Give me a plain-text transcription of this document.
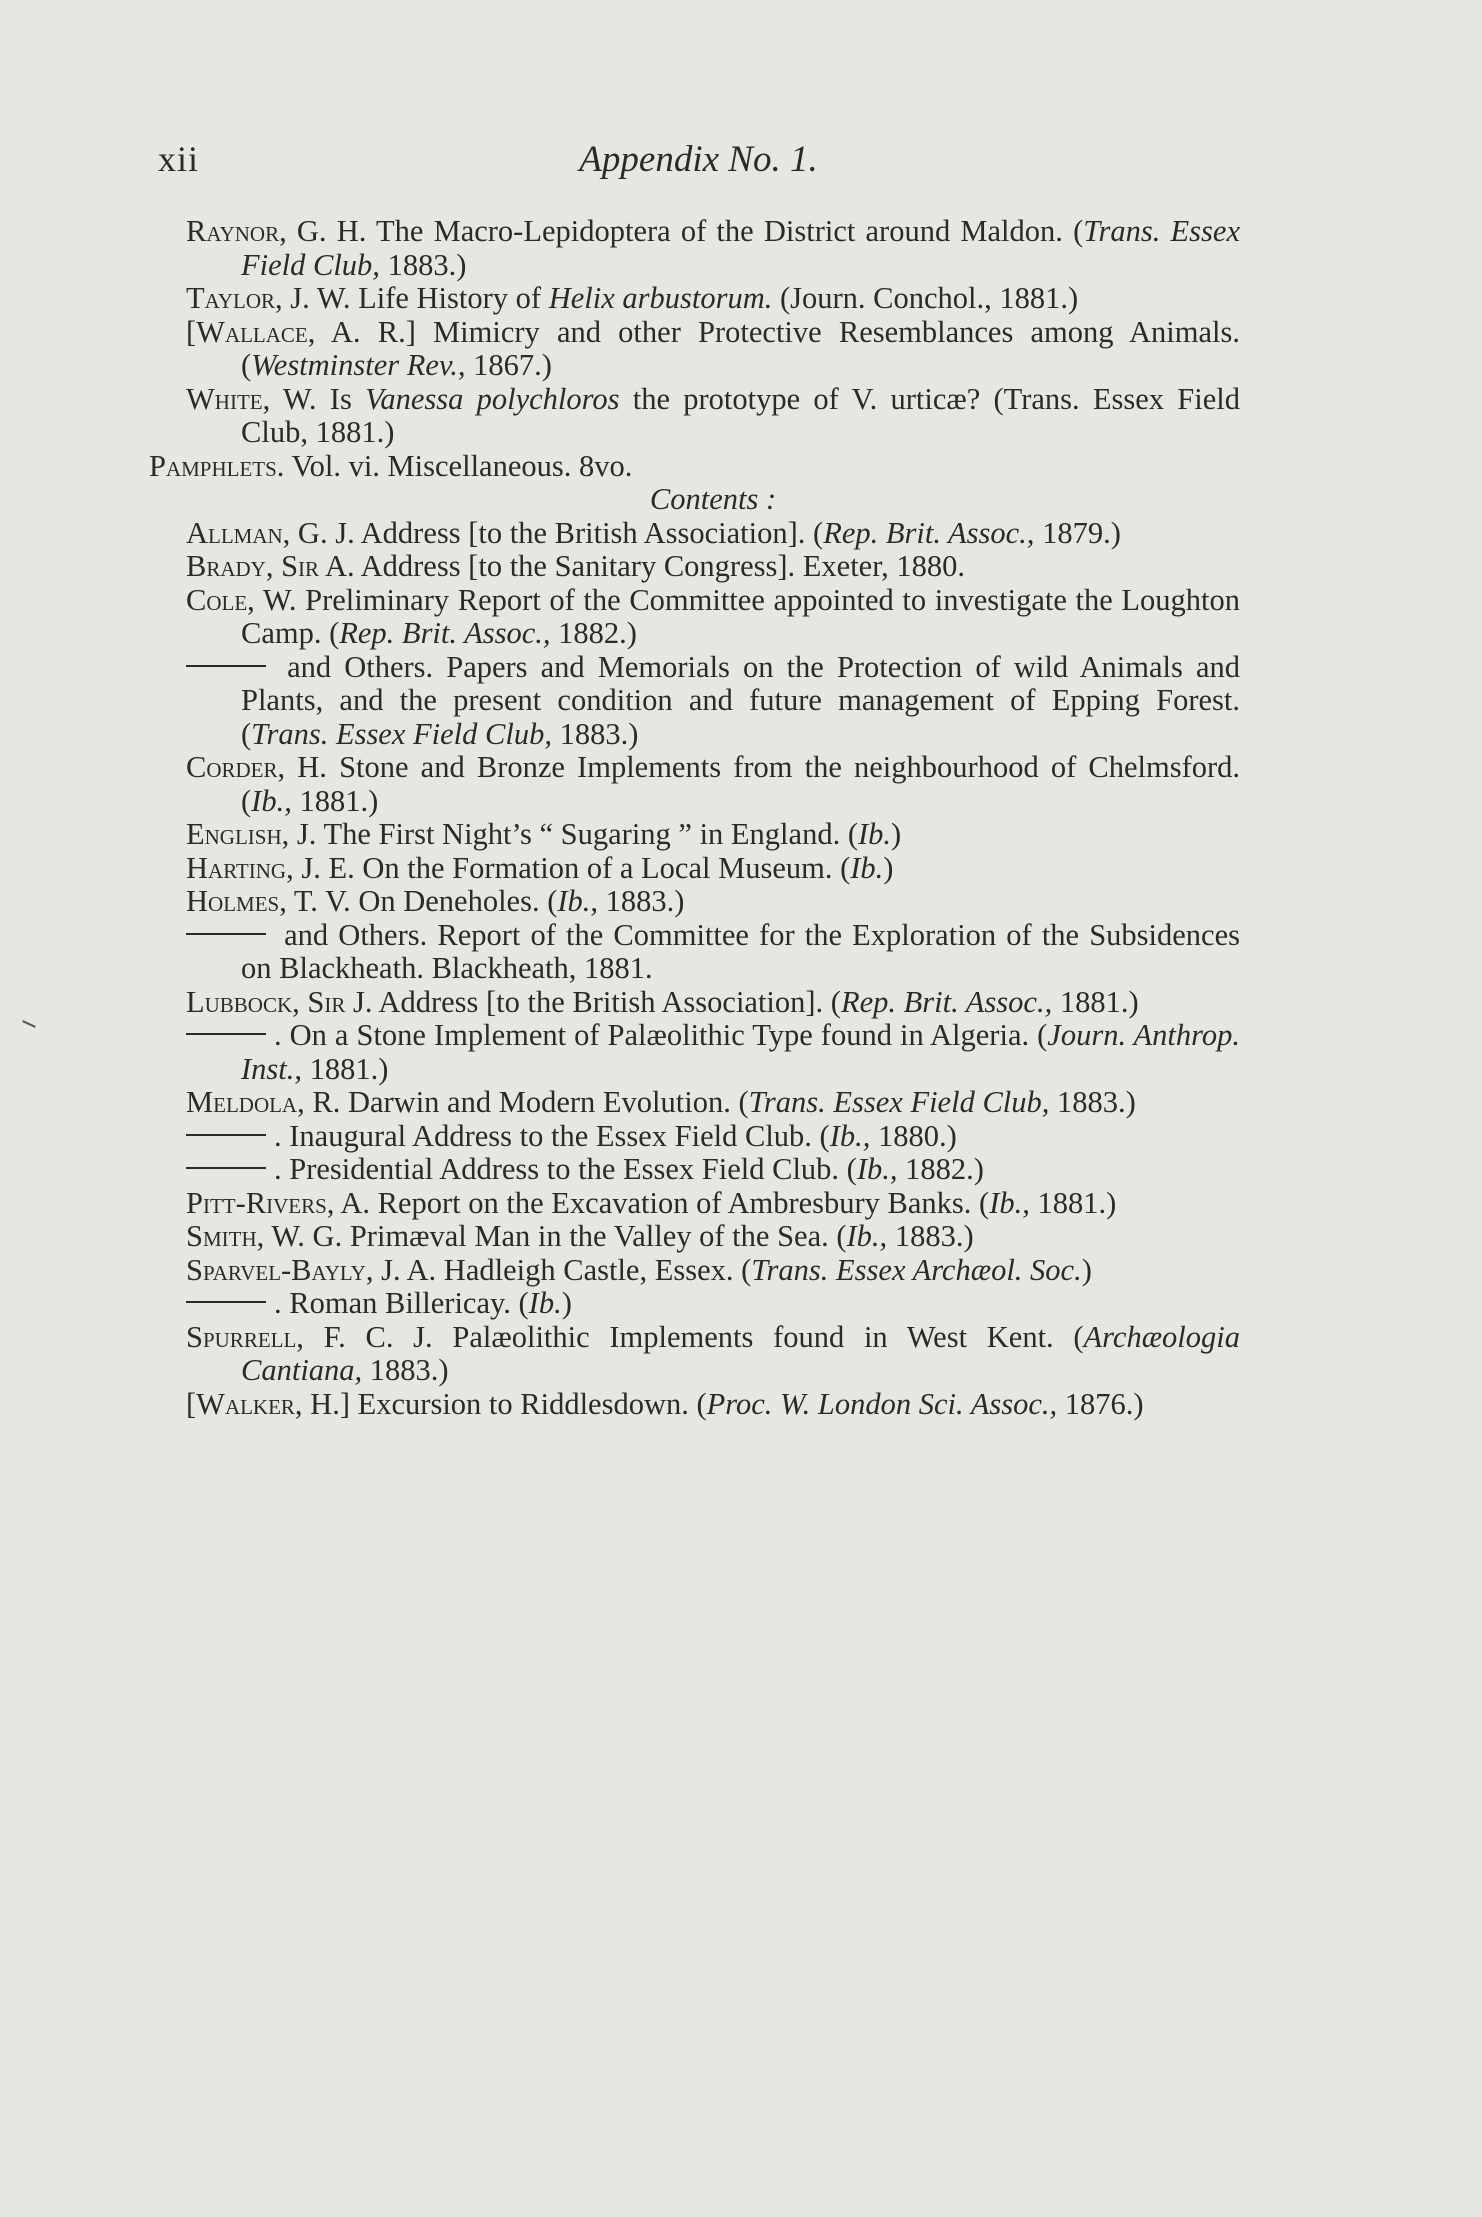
xii	Appendix No. 1.

Raynor, G. H. The Macro-Lepidoptera of the District around Maldon. (Trans. Essex Field Club, 1883.)

Taylor, J. W. Life History of Helix arbustorum. (Journ. Conchol., 1881.)

[Wallace, A. R.] Mimicry and other Protective Resemblances among Animals. (Westminster Rev., 1867.)

White, W. Is Vanessa polychloros the prototype of V. urticæ? (Trans. Essex Field Club, 1881.)

Pamphlets. Vol. vi. Miscellaneous. 8vo.

Contents :

Allman, G. J. Address [to the British Association]. (Rep. Brit. Assoc., 1879.)

Brady, Sir A. Address [to the Sanitary Congress]. Exeter, 1880.

Cole, W. Preliminary Report of the Committee appointed to investigate the Loughton Camp. (Rep. Brit. Assoc., 1882.)

and Others. Papers and Memorials on the Protection of wild Animals and Plants, and the present condition and future management of Epping Forest. (Trans. Essex Field Club, 1883.)

Corder, H. Stone and Bronze Implements from the neighbourhood of Chelmsford. (Ib., 1881.)

English, J. The First Night’s “ Sugaring ” in England. (Ib.)

Harting, J. E. On the Formation of a Local Museum. (Ib.)

Holmes, T. V. On Deneholes. (Ib., 1883.)

and Others. Report of the Committee for the Exploration of the Subsidences on Blackheath. Blackheath, 1881.

Lubbock, Sir J. Address [to the British Association]. (Rep. Brit. Assoc., 1881.)

. On a Stone Implement of Palæolithic Type found in Algeria. (Journ. Anthrop. Inst., 1881.)

Meldola, R. Darwin and Modern Evolution. (Trans. Essex Field Club, 1883.)

. Inaugural Address to the Essex Field Club. (Ib., 1880.)

. Presidential Address to the Essex Field Club. (Ib., 1882.)

Pitt-Rivers, A. Report on the Excavation of Ambresbury Banks. (Ib., 1881.)

Smith, W. G. Primæval Man in the Valley of the Sea. (Ib., 1883.)

Sparvel-Bayly, J. A. Hadleigh Castle, Essex. (Trans. Essex Archæol. Soc.)

. Roman Billericay. (Ib.)

Spurrell, F. C. J. Palæolithic Implements found in West Kent. (Archæologia Cantiana, 1883.)

[Walker, H.] Excursion to Riddlesdown. (Proc. W. London Sci. Assoc., 1876.)
